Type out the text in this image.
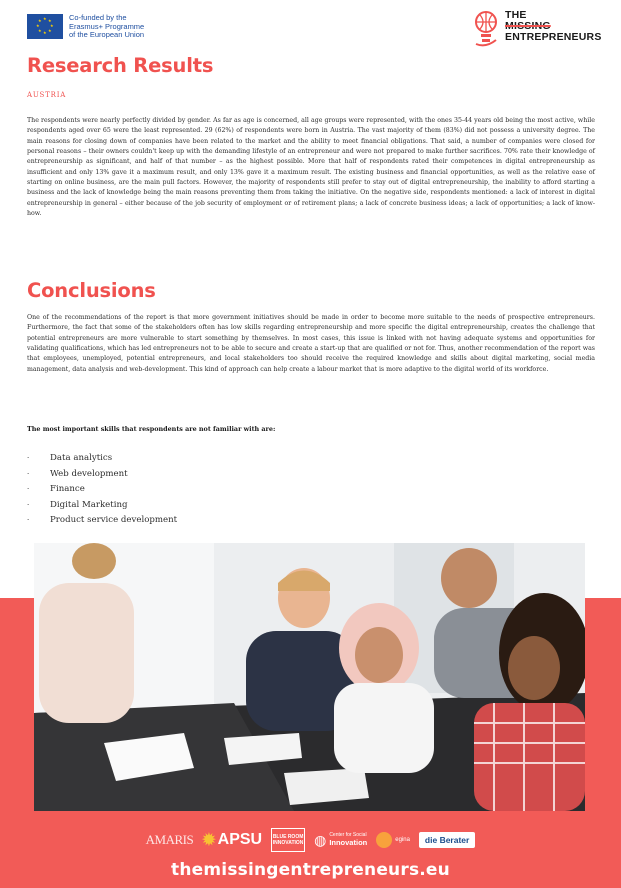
★ ★
★
★
★
★
★
★	Co-funded by the
Erasmus+ Programme
of the European Union
THE
MISSING
ENTREPRENEURS
Research Results
AUSTRIA

The respondents were nearly perfectly divided by gender. As far as age is concerned, all age groups were represented, with the ones 35-44 years old being the most active, while respondents aged over 65 were the least represented. 29 (62%) of respondents were born in Austria. The vast majority of them (83%) did not possess a university degree. The main reasons for closing down of companies have been related to the market and the ability to meet financial obligations. That said, a number of companies were closed for personal reasons – their owners couldn't keep up with the demanding lifestyle of an entrepreneur and were not prepared to make further sacrifices. 70% rate their knowledge of entrepreneurship as significant, and half of that number – as the highest possible. More that half of respondents rated their competences in digital entrepreneurship as insufficient and only 13% gave it a maximum result, and only 13% gave it a maximum result. The existing business and financial opportunities, as well as the relative ease of starting on online business, are the main pull factors. However, the majority of respondents still prefer to stay out of digital entrepreneurship, the inability to afford starting a business and the lack of knowledge being the main reasons preventing them from taking the initiative. On the negative side, respondents mentioned: a lack of interest in digital entrepreneurship in general – either because of the job security of employment or of retirement plans; a lack of concrete business ideas; a lack of opportunities; a lack of know-how.

Conclusions

One of the recommendations of the report is that more government initiatives should be made in order to become more suitable to the needs of prospective entrepreneurs. Furthermore, the fact that some of the stakeholders often has low skills regarding entrepreneurship and more specific the digital entrepreneurship, creates the challenge that potential entrepreneurs are more vulnerable to start something by themselves. In most cases, this issue is linked with not having adequate systems and opportunities for validating qualifications, which has led entrepreneurs not to be able to secure and create a start-up that are qualified or not for. Thus, another recommendation of the report was that employees, unemployed, potential entrepreneurs, and local stakeholders too should receive the required knowledge and skills about digital marketing, social media management, data analysis and web-development. This kind of approach can help create a labour market that is more adaptive to the digital world of its workforce.

The most important skills that respondents are not familiar with are:
·	Data analytics
·	Web development
·	Finance
·	Digital Marketing
·	Product service development
AMARIS ✹ APSU	BLUE ROOM INNOVATION ◍ Center for Social
Innovation	egina	die Berater
themissingentrepreneurs.eu
